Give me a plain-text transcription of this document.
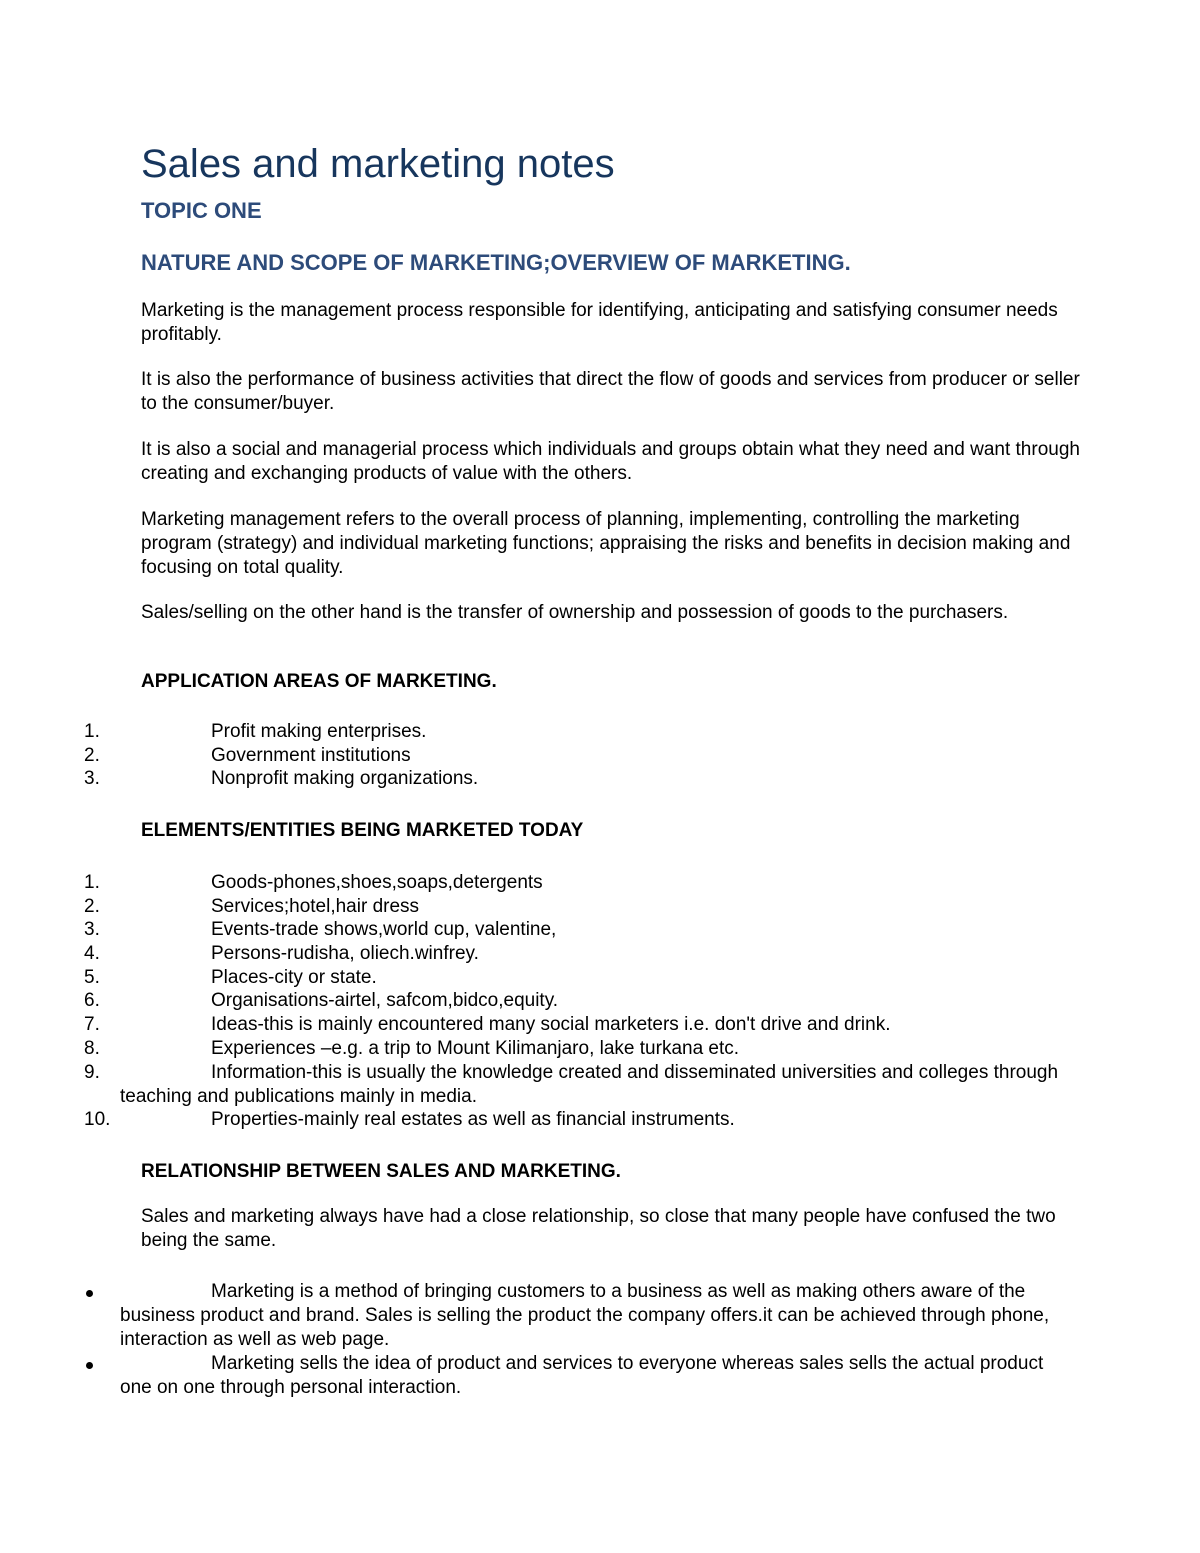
Sales and marketing notes
TOPIC ONE
NATURE AND SCOPE OF MARKETING;OVERVIEW OF MARKETING.

Marketing is the management process responsible for identifying, anticipating and satisfying consumer needs profitably.

It is also the performance of business activities that direct the flow of goods and services from producer or seller to the consumer/buyer.

It is also a social and managerial process which individuals and groups obtain what they need and want through creating and exchanging products of value with the others.

Marketing management refers to the overall process of planning, implementing, controlling the marketing program (strategy) and individual marketing functions; appraising the risks and benefits in decision making and focusing on total quality.

Sales/selling on the other hand is the transfer of ownership and possession of goods to the purchasers.

APPLICATION AREAS OF MARKETING.
1.	Profit making enterprises.
2.	Government institutions
3.	Nonprofit making organizations.
ELEMENTS/ENTITIES BEING MARKETED TODAY
1.	Goods-phones,shoes,soaps,detergents
2.	Services;hotel,hair dress
3.	Events-trade shows,world cup, valentine,
4.	Persons-rudisha, oliech.winfrey.
5.	Places-city or state.
6.	Organisations-airtel, safcom,bidco,equity.
7.	Ideas-this is mainly encountered many social marketers i.e. don't drive and drink.
8.	Experiences –e.g. a trip to Mount Kilimanjaro, lake turkana etc.
9.	Information-this is usually the knowledge created and disseminated universities and colleges through teaching and publications mainly in media.
10.	Properties-mainly real estates as well as financial instruments.
RELATIONSHIP BETWEEN SALES AND MARKETING.

Sales and marketing always have had a close relationship, so close that many people have confused the two being the same.

Marketing is a method of bringing customers to a business as well as making others aware of the business product and brand. Sales is selling the product the company offers.it can be achieved through phone, interaction as well as web page.
Marketing sells the idea of product and services to everyone whereas sales sells the actual product one on one through personal interaction.
